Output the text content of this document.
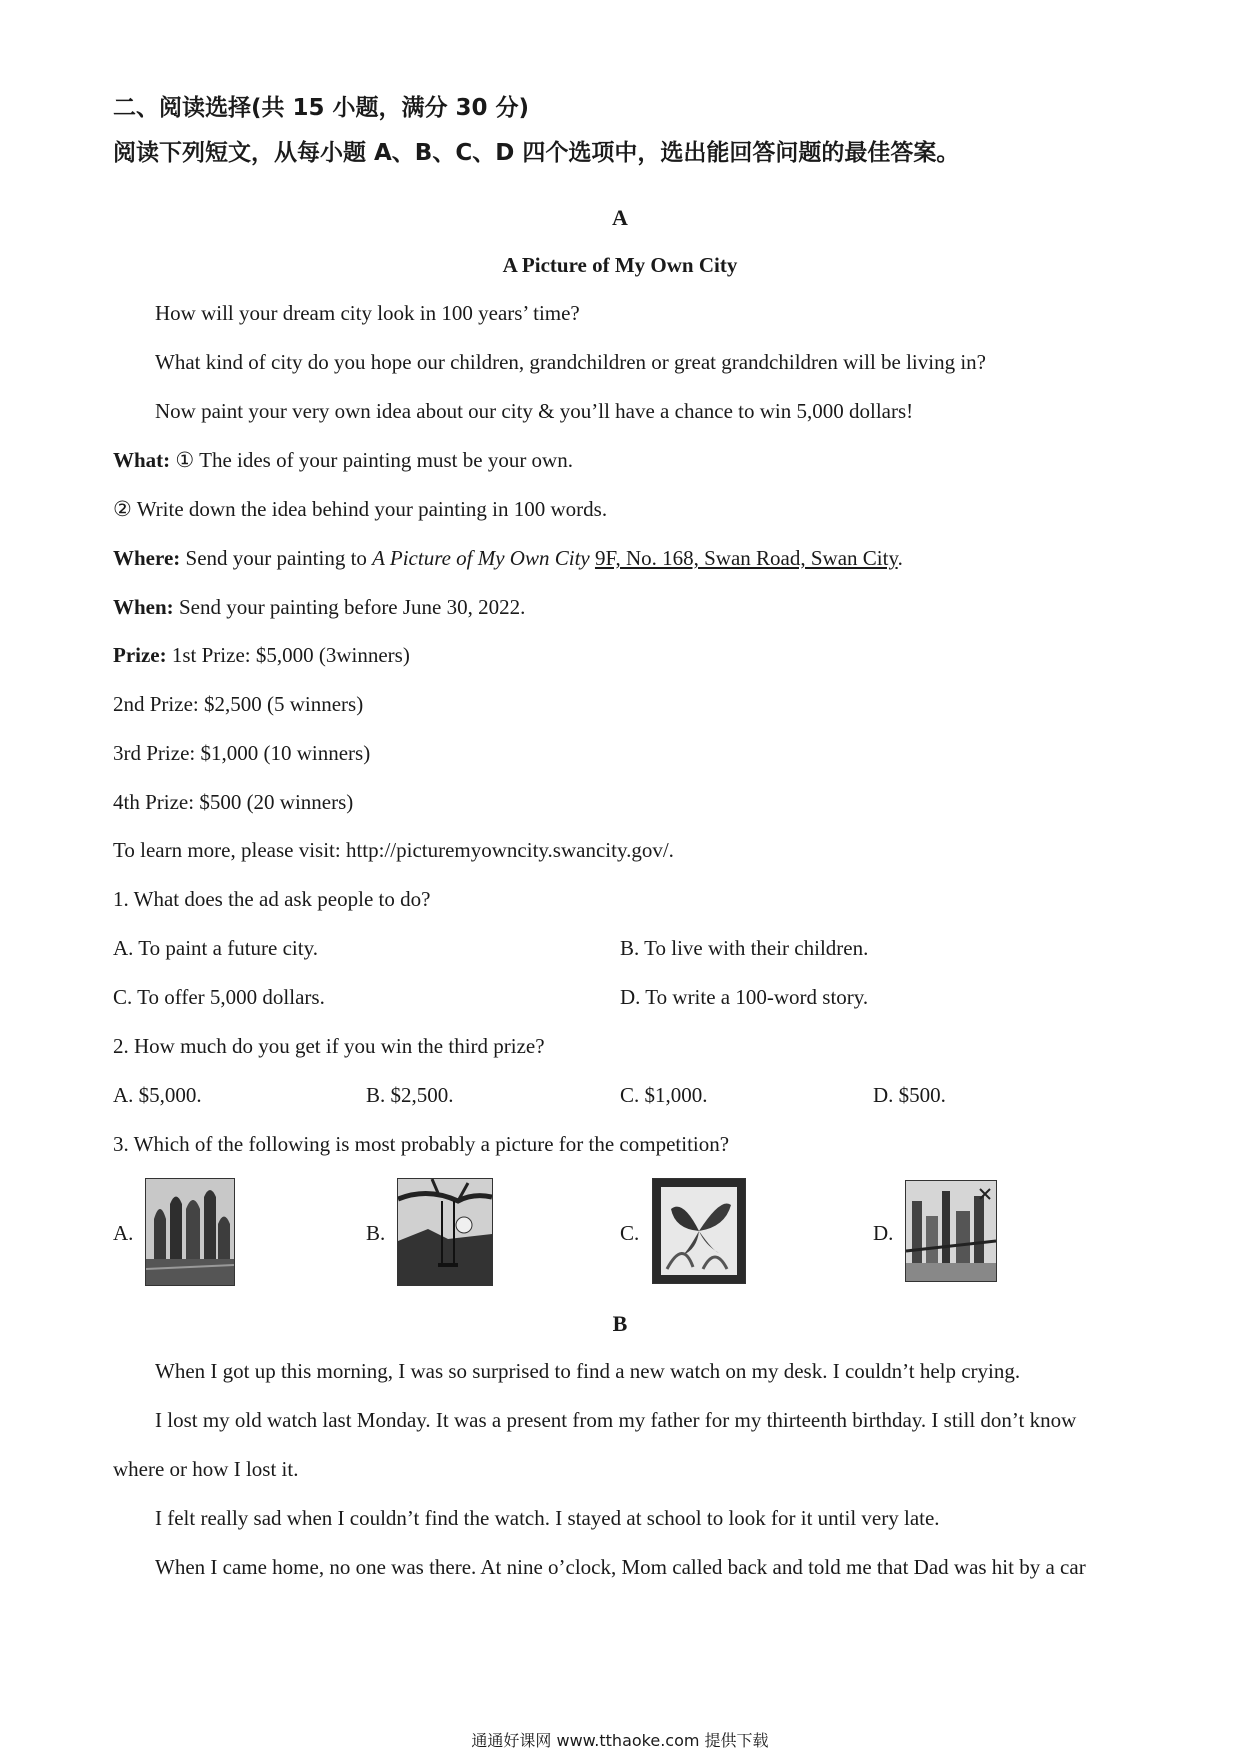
二、阅读选择(共 15 小题，满分 30 分)
阅读下列短文，从每小题 A、B、C、D 四个选项中，选出能回答问题的最佳答案。
A
A Picture of My Own City
How will your dream city look in 100 years’ time?
What kind of city do you hope our children, grandchildren or great grandchildren will be living in?
Now paint your very own idea about our city & you’ll have a chance to win 5,000 dollars!
What: ① The ides of your painting must be your own.
② Write down the idea behind your painting in 100 words.
Where: Send your painting to A Picture of My Own City 9F, No. 168, Swan Road, Swan City.
When: Send your painting before June 30, 2022.
Prize: 1st Prize: $5,000 (3winners)
2nd Prize: $2,500 (5 winners)
3rd Prize: $1,000 (10 winners)
4th Prize: $500 (20 winners)
To learn more, please visit: http://picturemyowncity.swancity.gov/.
1. What does the ad ask people to do?
A. To paint a future city.	B. To live with their children.
C. To offer 5,000 dollars.	D. To write a 100-word story.
2. How much do you get if you win the third prize?
A. $5,000.	B. $2,500.	C. $1,000.	D. $500.
3. Which of the following is most probably a picture for the competition?
A.	B.	C.	D.
B
When I got up this morning, I was so surprised to find a new watch on my desk. I couldn’t help crying.
I lost my old watch last Monday. It was a present from my father for my thirteenth birthday. I still don’t know
where or how I lost it.
I felt really sad when I couldn’t find the watch. I stayed at school to look for it until very late.
When I came home, no one was there. At nine o’clock, Mom called back and told me that Dad was hit by a car
通通好课网 www.tthaoke.com 提供下载
